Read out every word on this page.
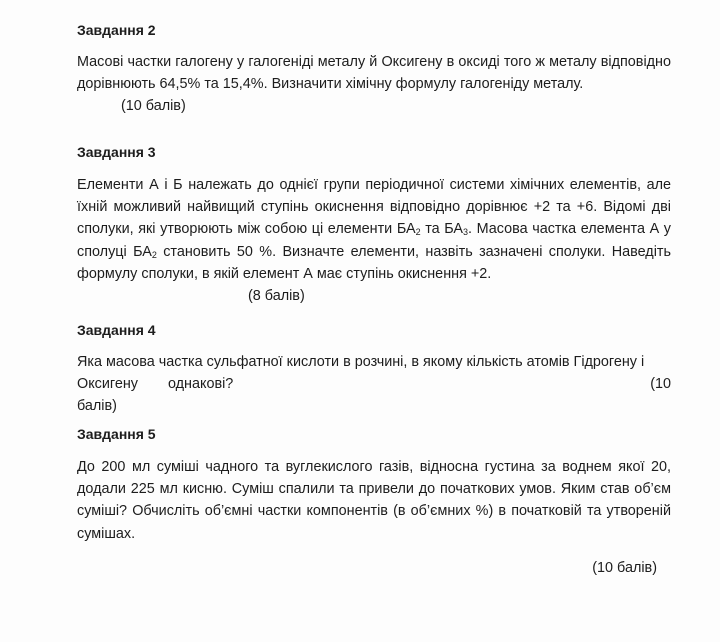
Завдання 2

Масові частки галогену у галогеніді металу й Оксигену в оксиді того ж металу відповідно дорівнюють 64,5% та 15,4%. Визначити хімічну формулу галогеніду металу.

(10 балів)

Завдання 3

Елементи А і Б належать до однієї групи періодичної системи хімічних елементів, але їхній можливий найвищий ступінь окиснення відповідно дорівнює +2 та +6. Відомі дві сполуки, які утворюють між собою ці елементи $БА_2$ та $БА_3$. Масова частка елемента А у сполуці $БА_2$ становить 50 %. Визначте елементи, назвіть зазначені сполуки. Наведіть формулу сполуки, в якій елемент А має ступінь окиснення +2.

(8 балів)

Завдання 4

Яка масова частка сульфатної кислоти в розчині, в якому кількість атомів Гідрогену і
Оксигену однакові?	(10
балів)

Завдання 5

До 200 мл суміші чадного та вуглекислого газів, відносна густина за воднем якої 20, додали 225 мл кисню. Суміш спалили та привели до початкових умов. Яким став об’єм суміші? Обчисліть об’ємні частки компонентів (в об’ємних %) в початковій та утвореній сумішах.

(10 балів)
